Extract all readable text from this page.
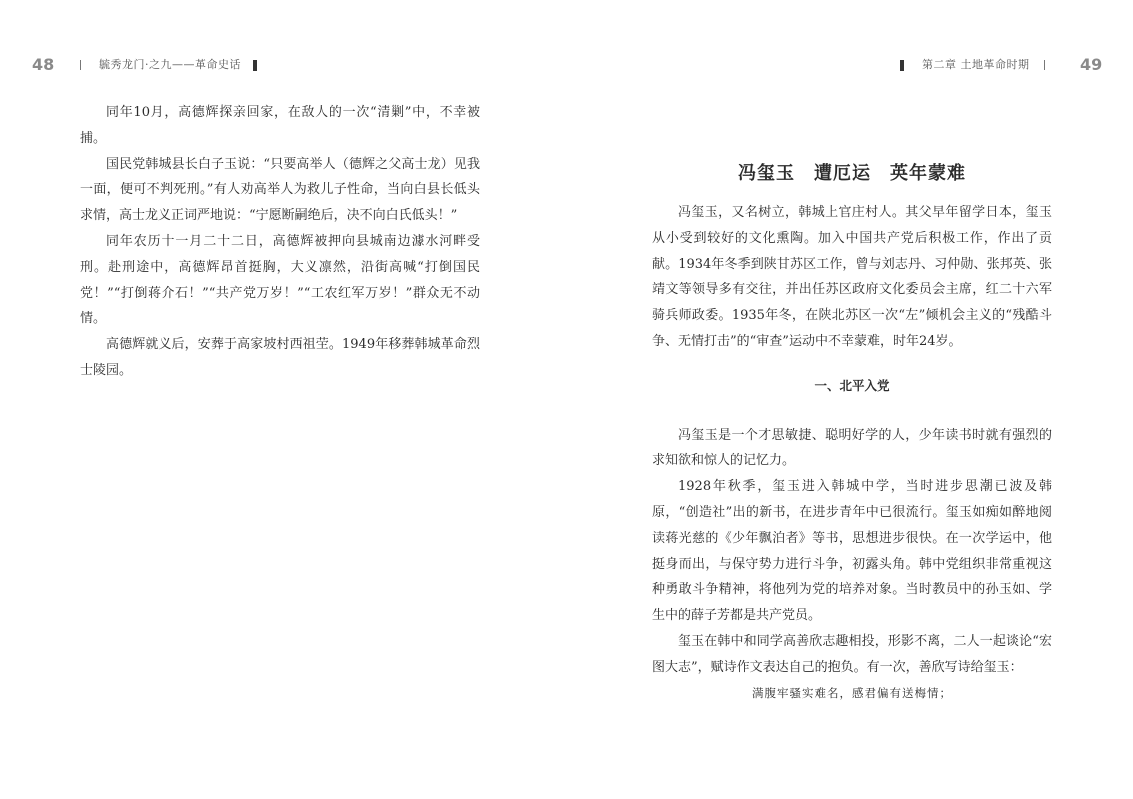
48	毓秀龙门·之九——革命史话

同年10月，高德辉探亲回家，在敌人的一次“清剿”中，不幸被捕。

国民党韩城县长白子玉说：“只要高举人（德辉之父高士龙）见我一面，便可不判死刑。”有人劝高举人为救儿子性命，当向白县长低头求情，高士龙义正词严地说：“宁愿断嗣绝后，决不向白氏低头！”

同年农历十一月二十二日，高德辉被押向县城南边澽水河畔受刑。赴刑途中，高德辉昂首挺胸，大义凛然，沿街高喊“打倒国民党！”“打倒蒋介石！”“共产党万岁！”“工农红军万岁！”群众无不动情。

高德辉就义后，安葬于高家坡村西祖茔。1949年移葬韩城革命烈士陵园。

第二章 土地革命时期	49
冯玺玉　遭厄运　英年蒙难

冯玺玉，又名树立，韩城上官庄村人。其父早年留学日本，玺玉从小受到较好的文化熏陶。加入中国共产党后积极工作，作出了贡献。1934年冬季到陕甘苏区工作，曾与刘志丹、习仲勋、张邦英、张靖文等领导多有交往，并出任苏区政府文化委员会主席，红二十六军骑兵师政委。1935年冬，在陕北苏区一次“左”倾机会主义的“残酷斗争、无情打击”的“审查”运动中不幸蒙难，时年24岁。

一、北平入党

冯玺玉是一个才思敏捷、聪明好学的人，少年读书时就有强烈的求知欲和惊人的记忆力。

1928年秋季，玺玉进入韩城中学，当时进步思潮已波及韩原，“创造社”出的新书，在进步青年中已很流行。玺玉如痴如醉地阅读蒋光慈的《少年飘泊者》等书，思想进步很快。在一次学运中，他挺身而出，与保守势力进行斗争，初露头角。韩中党组织非常重视这种勇敢斗争精神，将他列为党的培养对象。当时教员中的孙玉如、学生中的薛子芳都是共产党员。

玺玉在韩中和同学高善欣志趣相投，形影不离，二人一起谈论“宏图大志”，赋诗作文表达自己的抱负。有一次，善欣写诗给玺玉：

满腹牢骚实难名，感君偏有送梅情；
